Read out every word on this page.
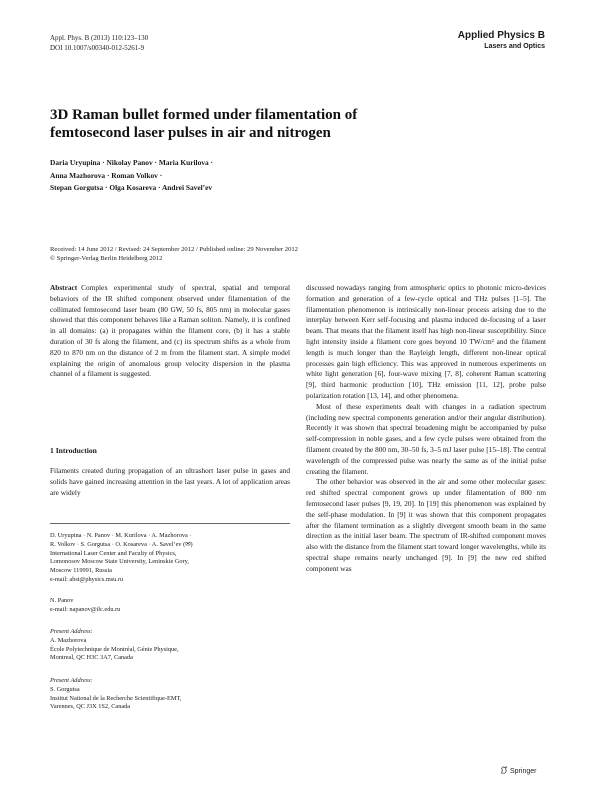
Appl. Phys. B (2013) 110:123–130
DOI 10.1007/s00340-012-5261-9
Applied Physics B
Lasers and Optics
3D Raman bullet formed under filamentation of femtosecond laser pulses in air and nitrogen
Daria Uryupina · Nikolay Panov · Maria Kurilova ·
Anna Mazhorova · Roman Volkov ·
Stepan Gorgutsa · Olga Kosareva · Andrei Savel’ev
Received: 14 June 2012 / Revised: 24 September 2012 / Published online: 29 November 2012
© Springer-Verlag Berlin Heidelberg 2012
Abstract Complex experimental study of spectral, spatial and temporal behaviors of the IR shifted component observed under filamentation of the collimated femtosecond laser beam (80 GW, 50 fs, 805 nm) in molecular gases showed that this component behaves like a Raman soliton. Namely, it is confined in all domains: (a) it propagates within the filament core, (b) it has a stable duration of 30 fs along the filament, and (c) its spectrum shifts as a whole from 820 to 870 nm on the distance of 2 m from the filament start. A simple model explaining the origin of anomalous group velocity dispersion in the plasma channel of a filament is suggested.
1 Introduction
Filaments created during propagation of an ultrashort laser pulse in gases and solids have gained increasing attention in the last years. A lot of application areas are widely
D. Uryupina · N. Panov · M. Kurilova · A. Mazhorova ·
R. Volkov · S. Gorgutsa · O. Kosareva · A. Savel’ev (✉)
International Laser Center and Faculty of Physics,
Lomonosov Moscow State University, Leninskie Gory,
Moscow 119991, Russia
e-mail: abst@physics.msu.ru
N. Panov
e-mail: napanov@ilc.edu.ru
Present Address:
A. Mazhorova
École Polytechnique de Montréal, Génie Physique,
Montreal, QC H3C 3A7, Canada
Present Address:
S. Gorgutsa
Institut National de la Recherche Scientifique-EMT,
Varennes, QC J3X 1S2, Canada

discussed nowadays ranging from atmospheric optics to photonic micro-devices formation and generation of a few-cycle optical and THz pulses [1–5]. The filamentation phenomenon is intrinsically non-linear process arising due to the interplay between Kerr self-focusing and plasma induced de-focusing of a laser beam. That means that the filament itself has high non-linear susceptibility. Since light intensity inside a filament core goes beyond 10 TW/cm² and the filament length is much longer than the Rayleigh length, different non-linear optical processes gain high efficiency. This was approved in numerous experiments on white light generation [6], four-wave mixing [7, 8], coherent Raman scattering [9], third harmonic production [10], THz emission [11, 12], probe pulse polarization rotation [13, 14], and other phenomena.

Most of these experiments dealt with changes in a radiation spectrum (including new spectral components generation and/or their angular distribution). Recently it was shown that spectral broadening might be accompanied by pulse self-compression in noble gases, and a few cycle pulses were obtained from the filament created by the 800 nm, 30–50 fs, 3–5 mJ laser pulse [15–18]. The central wavelength of the compressed pulse was nearly the same as of the initial pulse creating the filament.

The other behavior was observed in the air and some other molecular gases: red shifted spectral component grows up under filamentation of 800 nm femtosecond laser pulses [9, 19, 20]. In [19] this phenomenon was explained by the self-phase modulation. In [9] it was shown that this component propagates after the filament termination as a slightly divergent smooth beam in the same direction as the initial laser beam. The spectrum of IR-shifted component moves also with the distance from the filament start toward longer wavelengths, while its spectral shape remains nearly unchanged [9]. In [9] the new red shifted component was

Springer
